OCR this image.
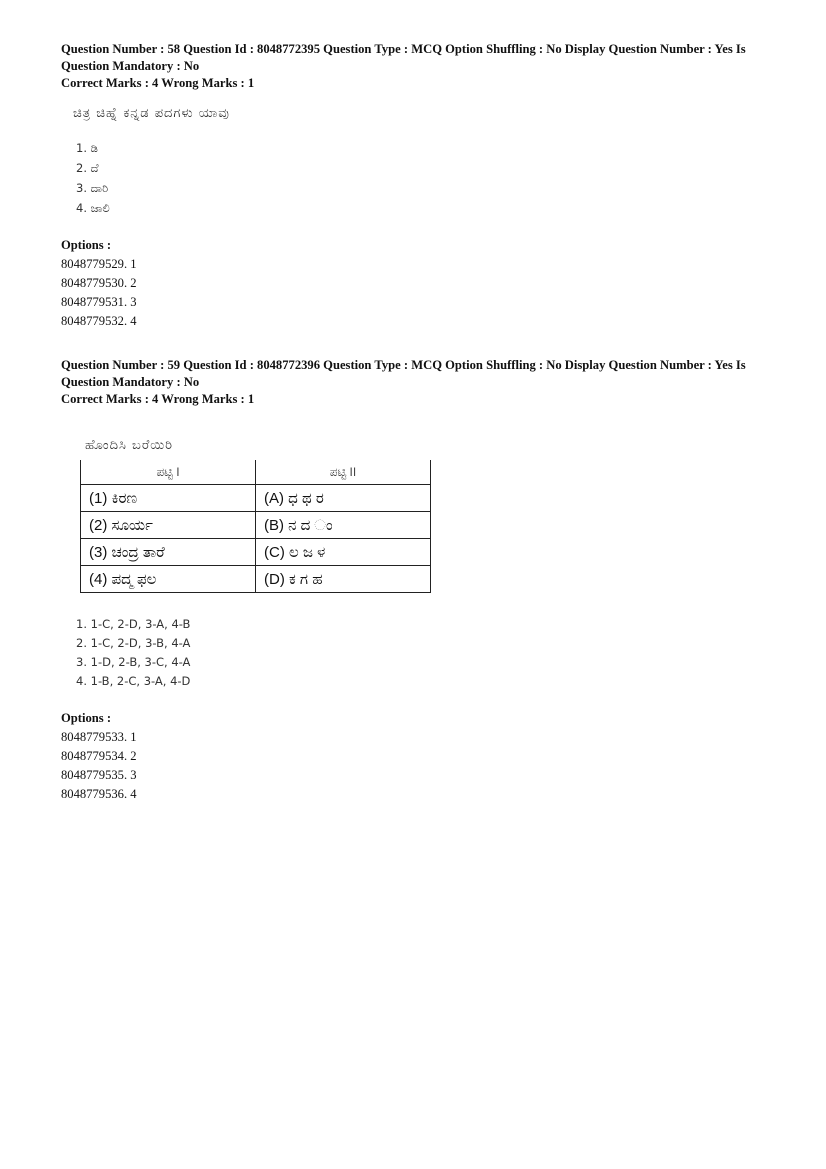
Question Number : 58 Question Id : 8048772395 Question Type : MCQ Option Shuffling : No Display Question Number : Yes Is

Question Mandatory : No

Correct Marks : 4 Wrong Marks : 1

ಚಿತ್ರ ಚಿಹ್ನೆ ಕನ್ನಡ ಪದಗಳು ಯಾವು
1. ಡಿ
2. ದೆ
3. ದಾರಿ
4. ಜಾಲಿ

Options :

8048779529. 1
8048779530. 2
8048779531. 3
8048779532. 4

Question Number : 59 Question Id : 8048772396 Question Type : MCQ Option Shuffling : No Display Question Number : Yes Is

Question Mandatory : No

Correct Marks : 4 Wrong Marks : 1

ಹೊಂದಿಸಿ ಬರೆಯಿರಿ
ಪಟ್ಟಿ I	ಪಟ್ಟಿ II
(1) ಕಿರಣ	(A) ಧ ಥ ರ
(2) ಸೂರ್ಯ	(B) ನ ದ ಂ
(3) ಚಂದ್ರ ತಾರೆ	(C) ಲ ಜ ಳ
(4) ಪದ್ಮ ಫಲ	(D) ಕ ಗ ಹ
1. 1-C, 2-D, 3-A, 4-B
2. 1-C, 2-D, 3-B, 4-A
3. 1-D, 2-B, 3-C, 4-A
4. 1-B, 2-C, 3-A, 4-D

Options :

8048779533. 1
8048779534. 2
8048779535. 3
8048779536. 4
